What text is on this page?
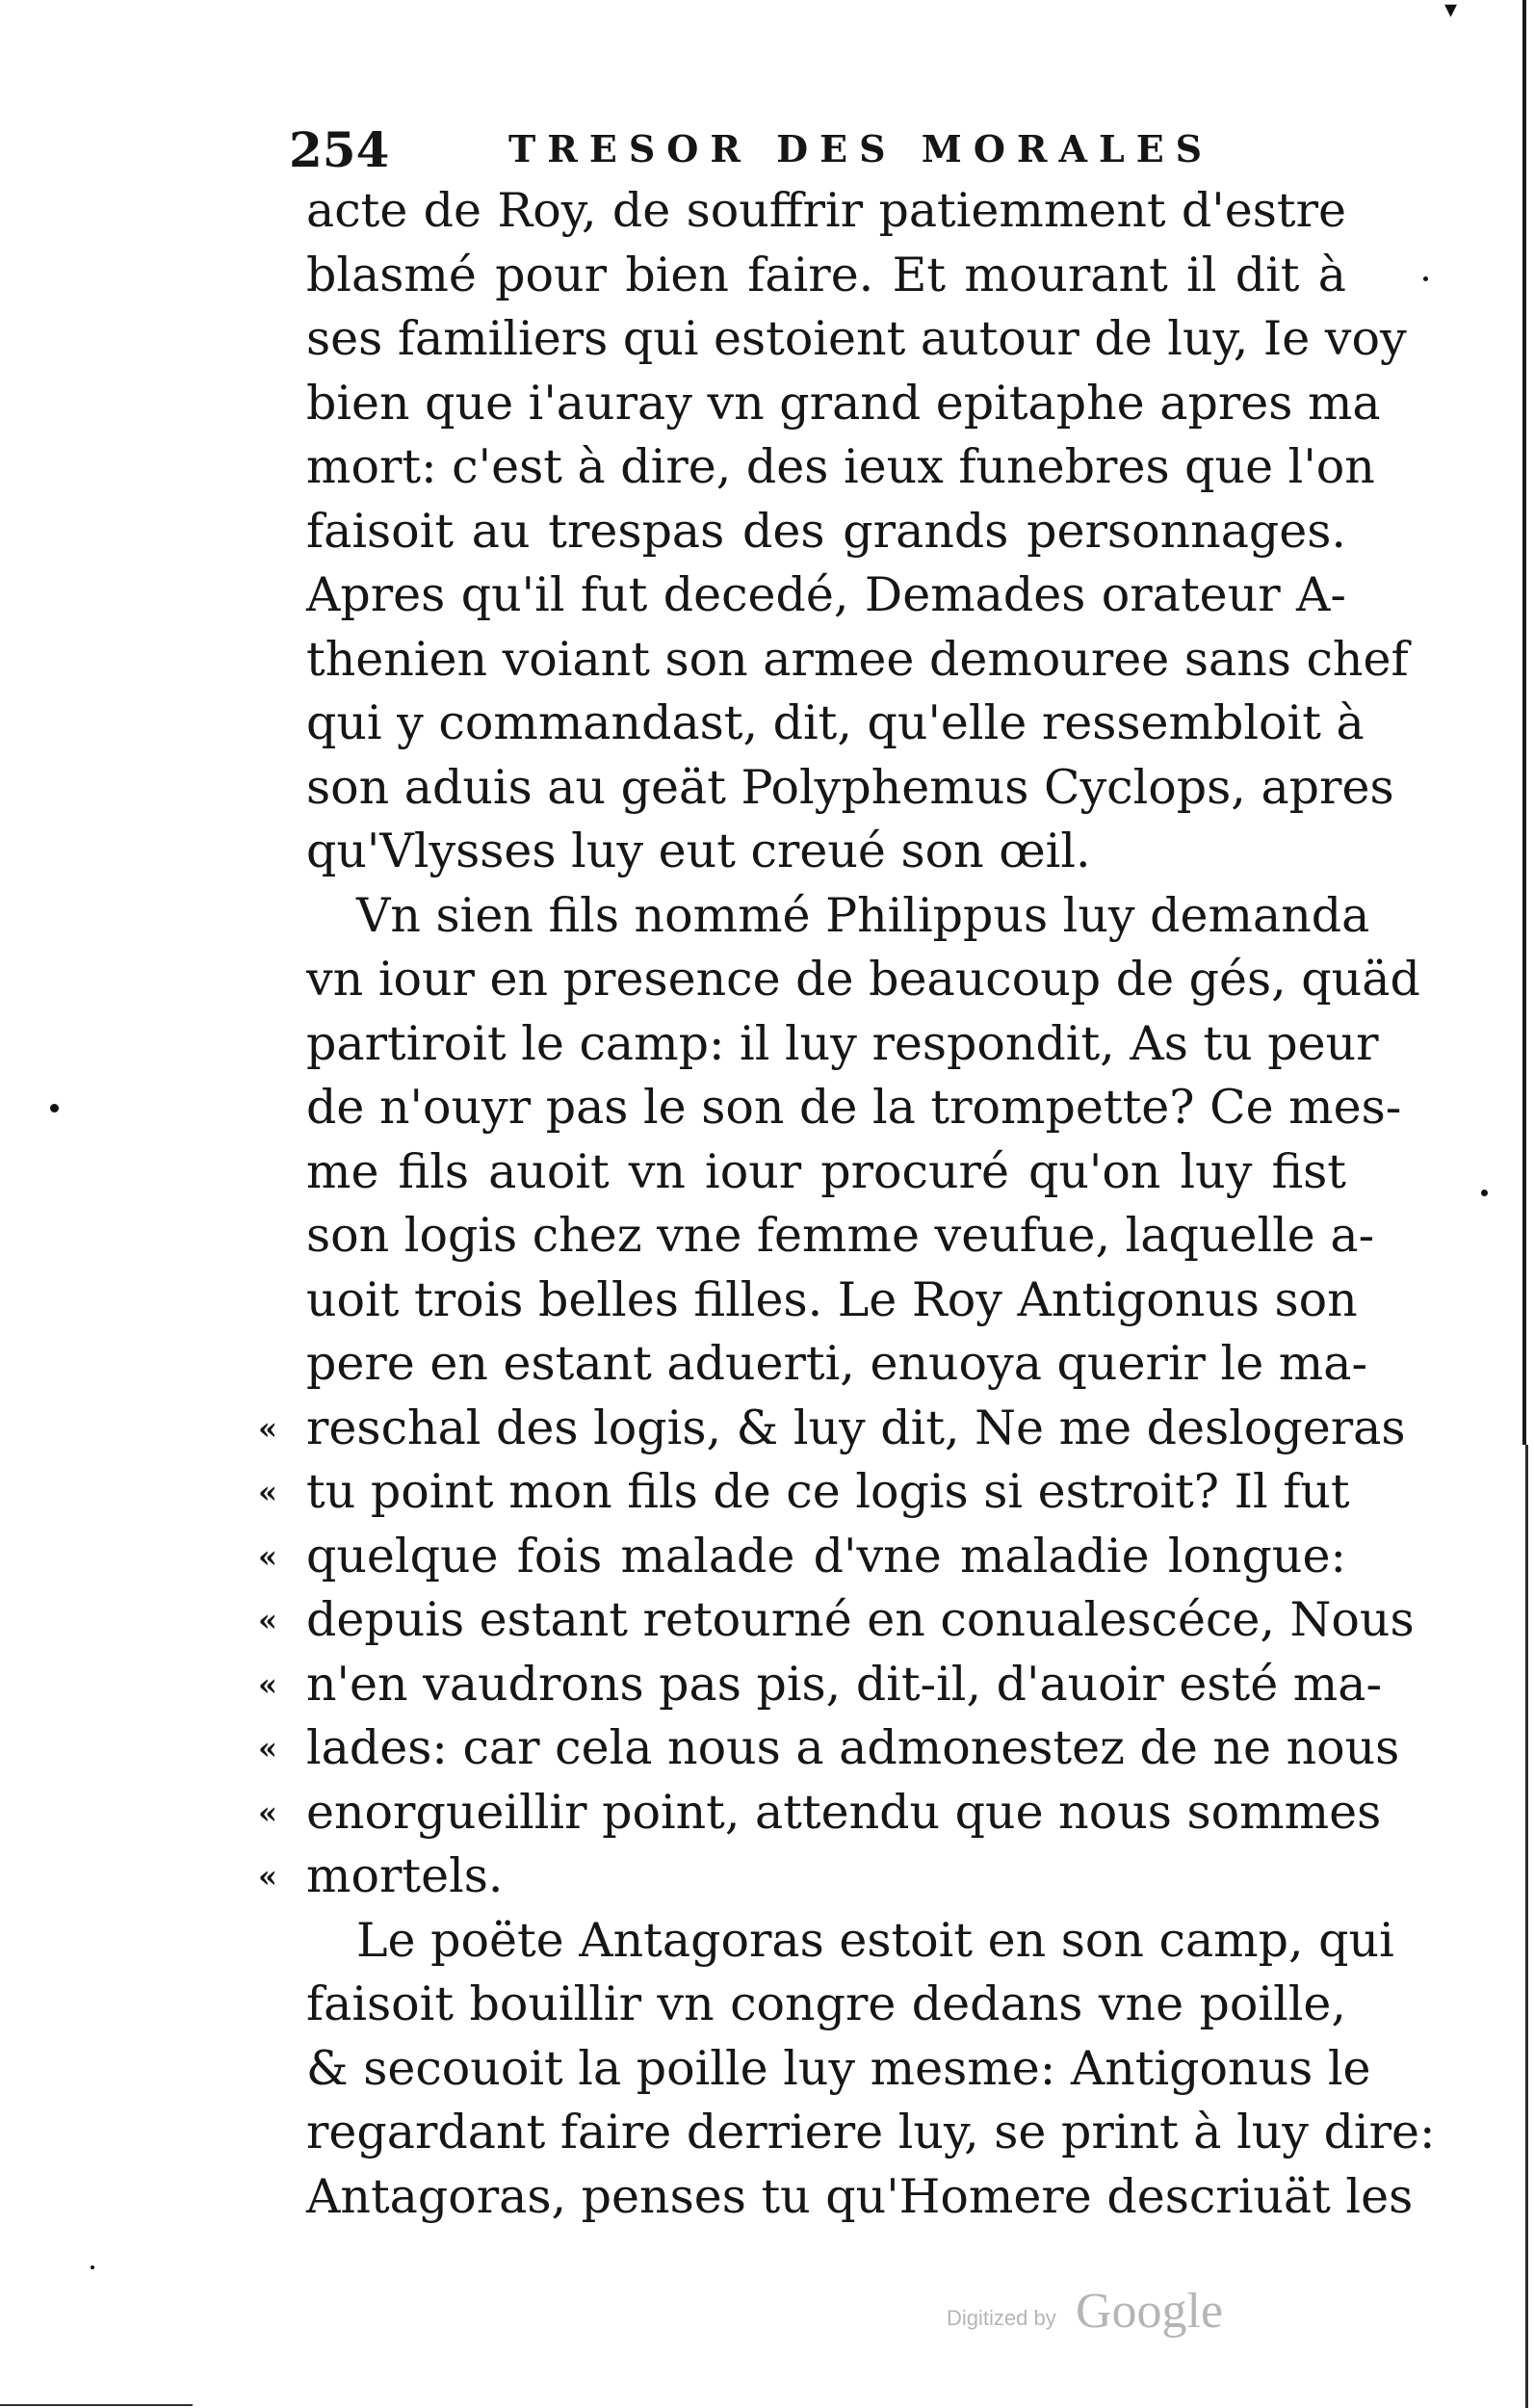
▾
254	TRESOR DES MORALES
acte de Roy, de souffrir patiemment d'estre
blasmé pour bien faire. Et mourant il dit à
ses familiers qui estoient autour de luy, Ie voy
bien que i'auray vn grand epitaphe apres ma
mort: c'est à dire, des ieux funebres que l'on
faisoit au trespas des grands personnages.
Apres qu'il fut decedé, Demades orateur A-
thenien voiant son armee demouree sans chef
qui y commandast, dit, qu'elle ressembloit à
son aduis au geät Polyphemus Cyclops, apres
qu'Vlysses luy eut creué son œil.
Vn sien fils nommé Philippus luy demanda
vn iour en presence de beaucoup de gés, quäd
partiroit le camp: il luy respondit, As tu peur
de n'ouyr pas le son de la trompette? Ce mes-
me fils auoit vn iour procuré qu'on luy fist
son logis chez vne femme veufue, laquelle a-
uoit trois belles filles. Le Roy Antigonus son
pere en estant aduerti, enuoya querir le ma-
« reschal des logis, & luy dit, Ne me deslogeras
« tu point mon fils de ce logis si estroit? Il fut
« quelque fois malade d'vne maladie longue:
« depuis estant retourné en conualescéce, Nous
« n'en vaudrons pas pis, dit-il, d'auoir esté ma-
« lades: car cela nous a admonestez de ne nous
« enorgueillir point, attendu que nous sommes
« mortels.
Le poëte Antagoras estoit en son camp, qui
faisoit bouillir vn congre dedans vne poille,
& secouoit la poille luy mesme: Antigonus le
regardant faire derriere luy, se print à luy dire:
Antagoras, penses tu qu'Homere descriuät les
Digitized by Google
